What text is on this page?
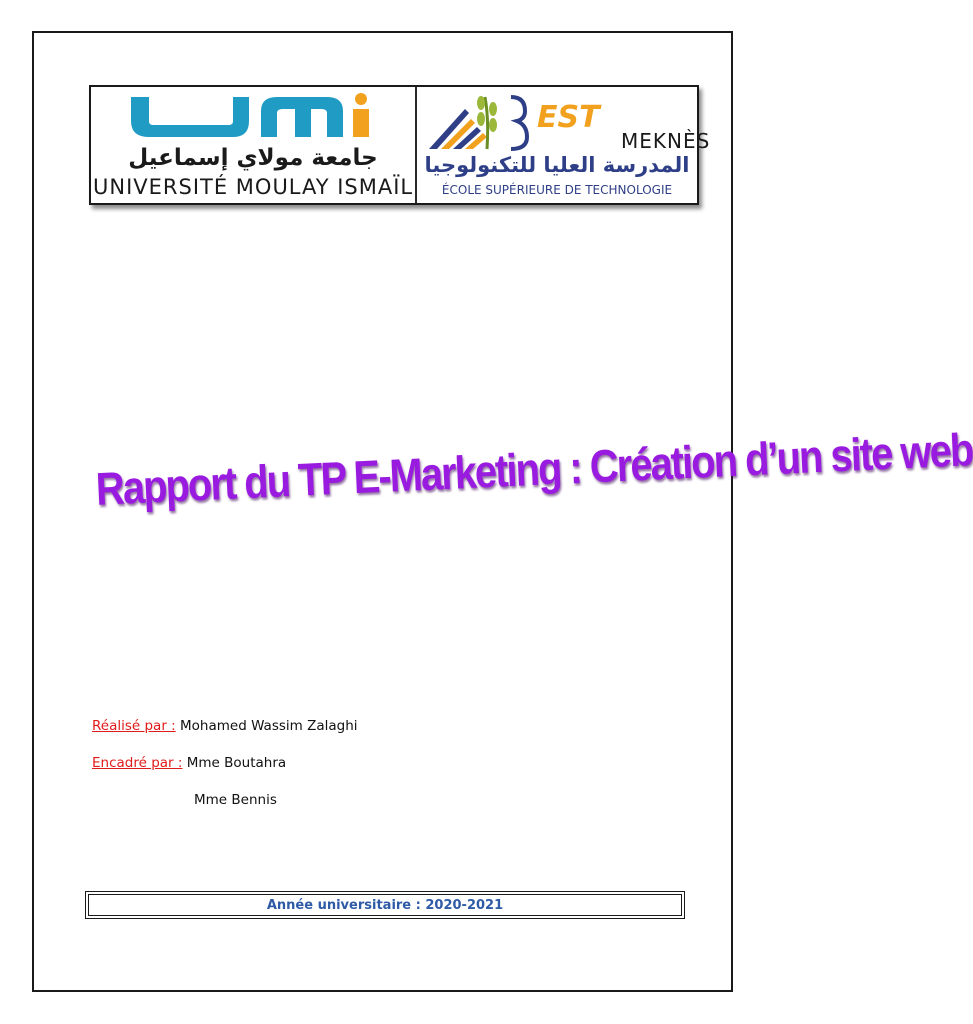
جامعة مولاي إسماعيل
UNIVERSITÉ MOULAY ISMAÏL
EST
MEKNÈS
المدرسة العليا للتكنولوجيا
ÉCOLE SUPÉRIEURE DE TECHNOLOGIE
Rapport du TP E-Marketing : Création d’un site web
Réalisé par : Mohamed Wassim Zalaghi
Encadré par : Mme Boutahra
Mme Bennis
Année universitaire : 2020-2021
